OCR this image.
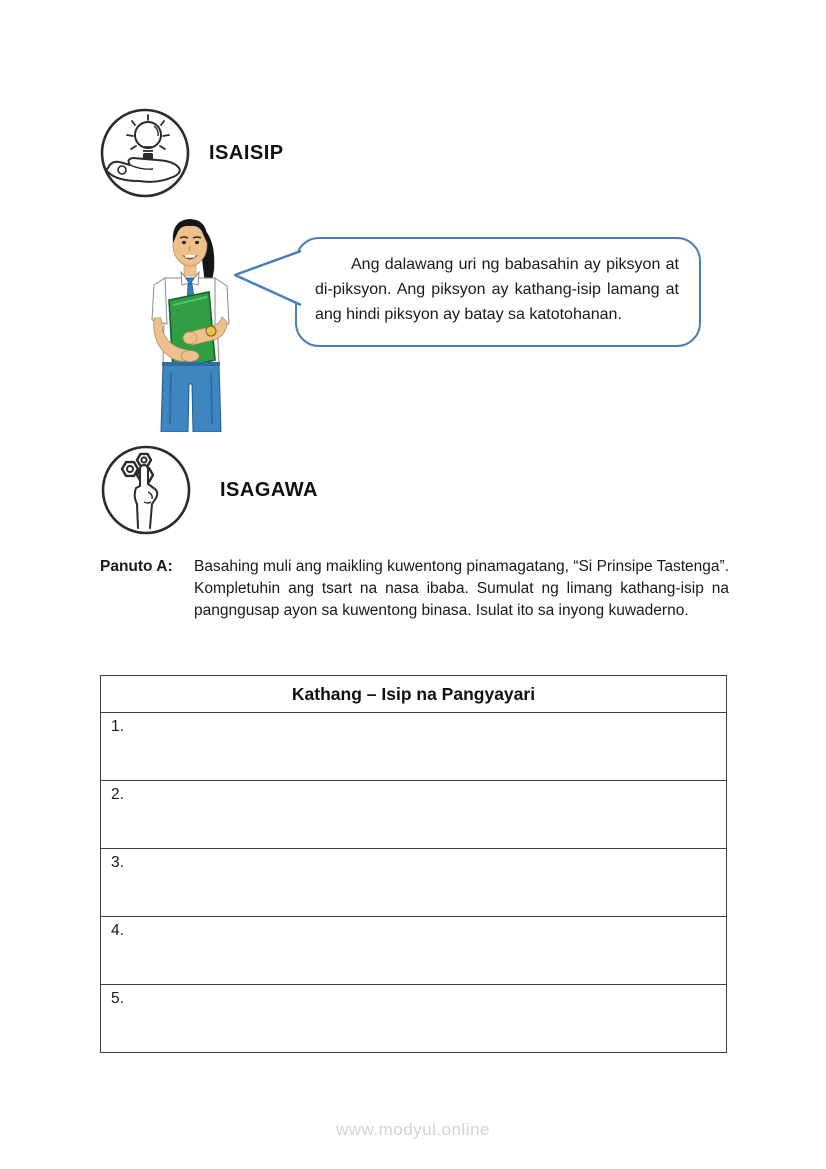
ISAISIP

Ang dalawang uri ng babasahin ay piksyon at di-piksyon. Ang piksyon ay kathang-isip lamang at ang hindi piksyon ay batay sa katotohanan.

ISAGAWA
Panuto A:	Basahing muli ang maikling kuwentong pinamagatang, “Si Prinsipe Tastenga”. Kompletuhin ang tsart na nasa ibaba. Sumulat ng limang kathang-isip na pangngusap ayon sa kuwentong binasa. Isulat ito sa inyong kuwaderno.
Kathang – Isip na Pangyayari
1.
2.
3.
4.
5.
www.modyul.online
